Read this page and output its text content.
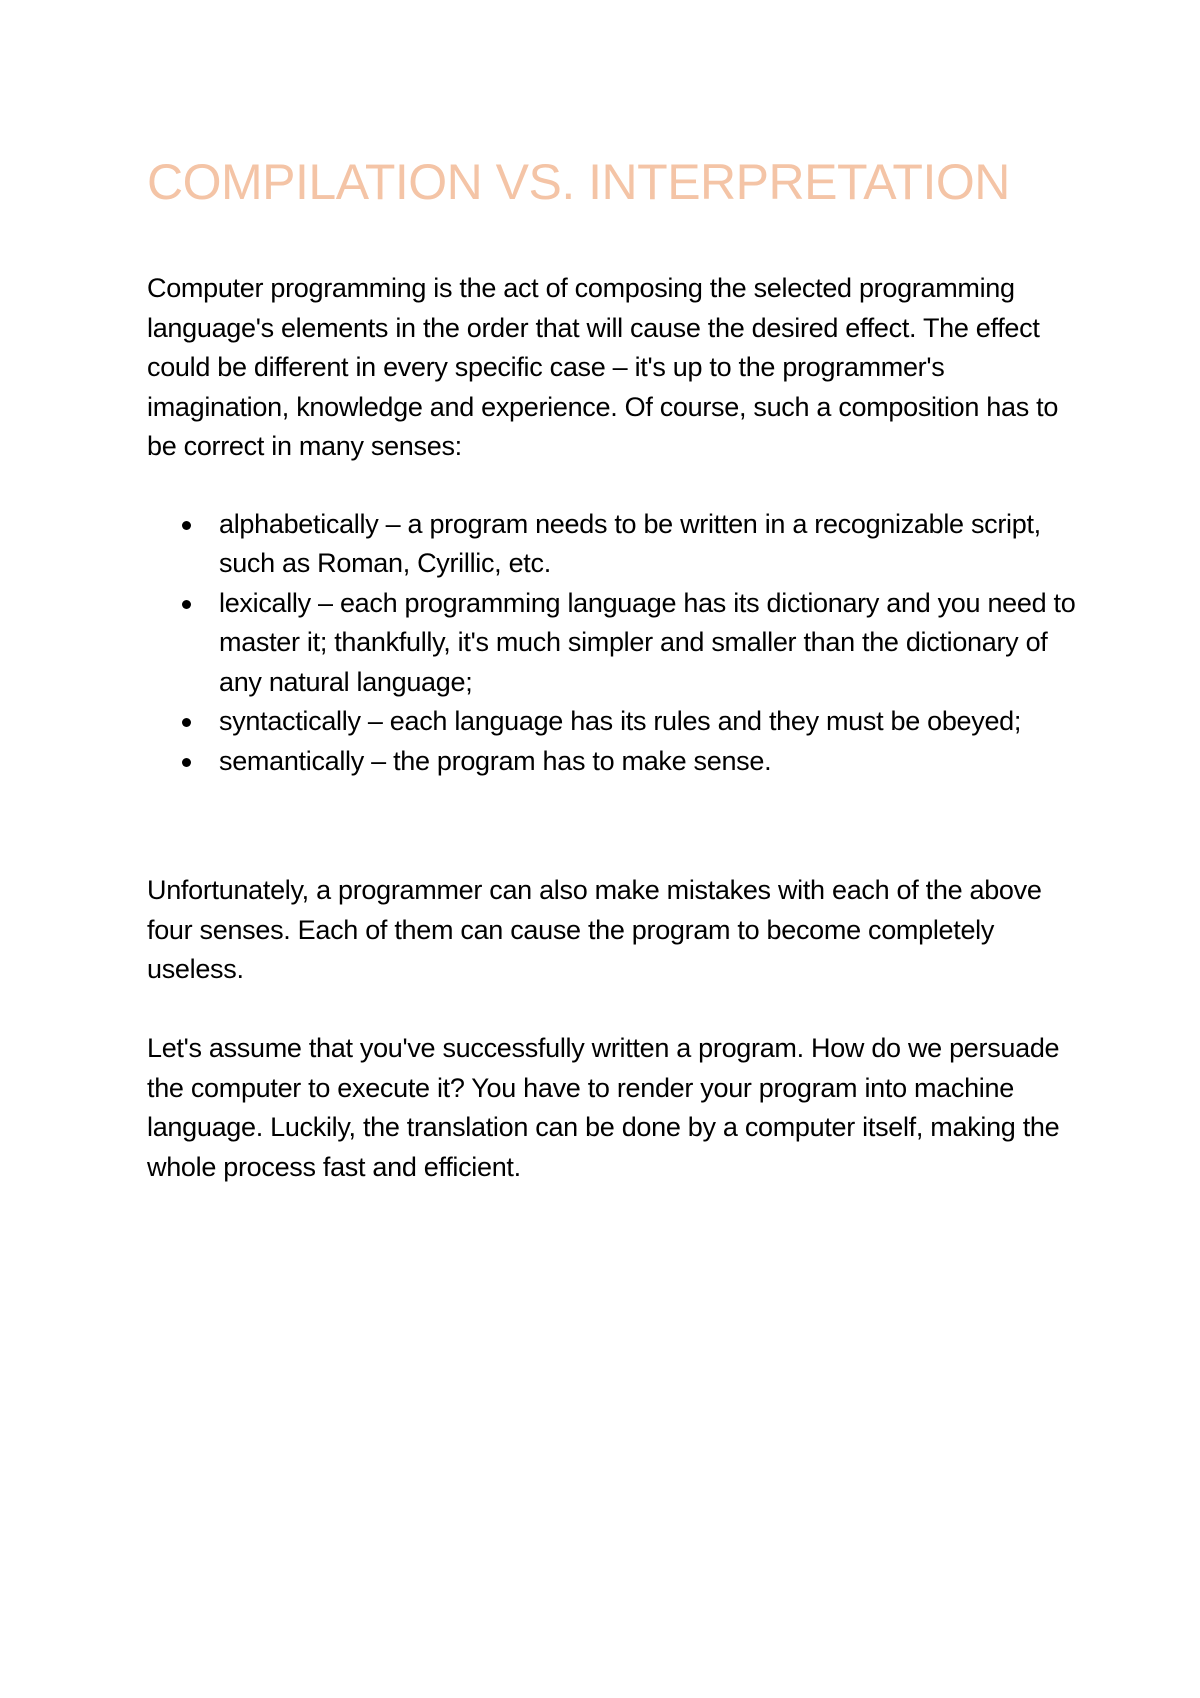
COMPILATION VS. INTERPRETATION

Computer programming is the act of composing the selected programming language's elements in the order that will cause the desired effect. The effect could be different in every specific case – it's up to the programmer's imagination, knowledge and experience. Of course, such a composition has to be correct in many senses:

alphabetically – a program needs to be written in a recognizable script, such as Roman, Cyrillic, etc.
lexically – each programming language has its dictionary and you need to master it; thankfully, it's much simpler and smaller than the dictionary of any natural language;
syntactically – each language has its rules and they must be obeyed;
semantically – the program has to make sense.

Unfortunately, a programmer can also make mistakes with each of the above four senses. Each of them can cause the program to become completely useless.

Let's assume that you've successfully written a program. How do we persuade the computer to execute it? You have to render your program into machine language. Luckily, the translation can be done by a computer itself, making the whole process fast and efficient.
